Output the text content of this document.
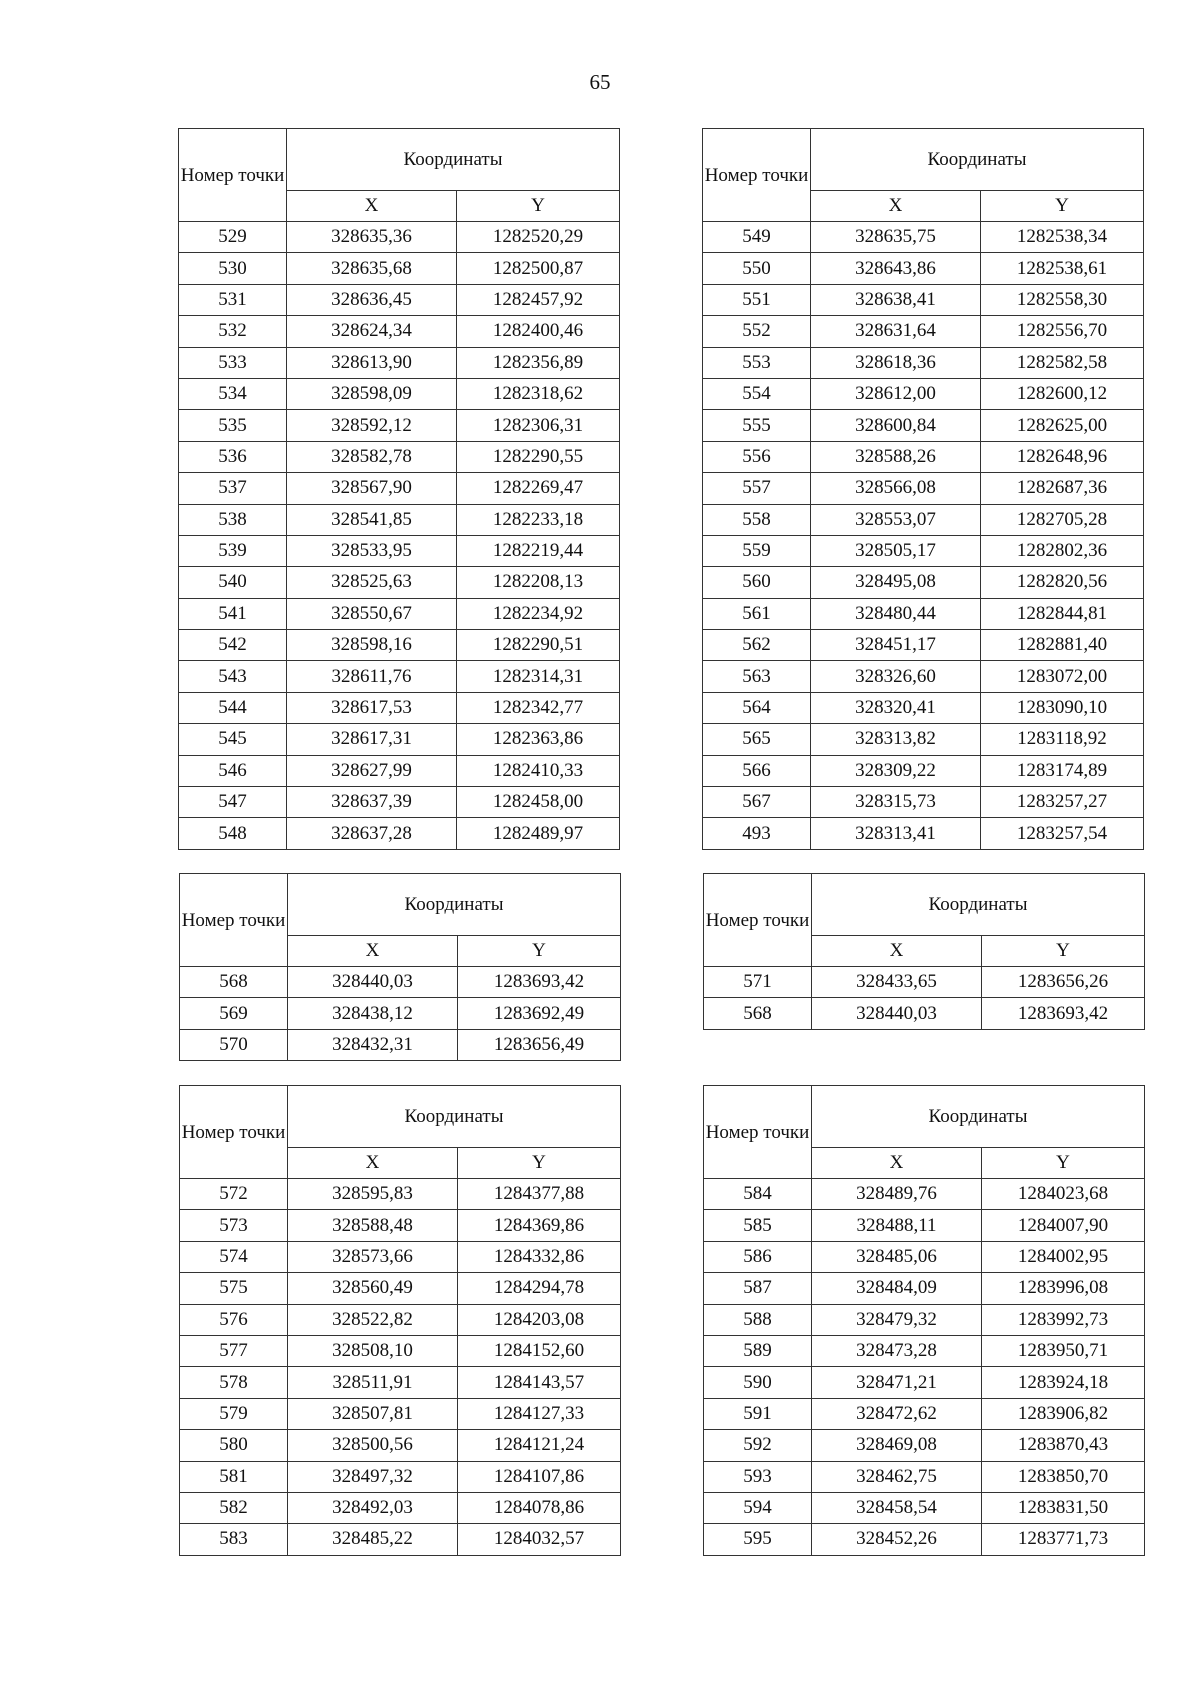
65
Номер точки	Координаты	
	X	Y
529	328635,36	1282520,29
530	328635,68	1282500,87
531	328636,45	1282457,92
532	328624,34	1282400,46
533	328613,90	1282356,89
534	328598,09	1282318,62
535	328592,12	1282306,31
536	328582,78	1282290,55
537	328567,90	1282269,47
538	328541,85	1282233,18
539	328533,95	1282219,44
540	328525,63	1282208,13
541	328550,67	1282234,92
542	328598,16	1282290,51
543	328611,76	1282314,31
544	328617,53	1282342,77
545	328617,31	1282363,86
546	328627,99	1282410,33
547	328637,39	1282458,00
548	328637,28	1282489,97
Номер точки	Координаты	
	X	Y
549	328635,75	1282538,34
550	328643,86	1282538,61
551	328638,41	1282558,30
552	328631,64	1282556,70
553	328618,36	1282582,58
554	328612,00	1282600,12
555	328600,84	1282625,00
556	328588,26	1282648,96
557	328566,08	1282687,36
558	328553,07	1282705,28
559	328505,17	1282802,36
560	328495,08	1282820,56
561	328480,44	1282844,81
562	328451,17	1282881,40
563	328326,60	1283072,00
564	328320,41	1283090,10
565	328313,82	1283118,92
566	328309,22	1283174,89
567	328315,73	1283257,27
493	328313,41	1283257,54
Номер точки	Координаты	
	X	Y
568	328440,03	1283693,42
569	328438,12	1283692,49
570	328432,31	1283656,49
Номер точки	Координаты	
	X	Y
571	328433,65	1283656,26
568	328440,03	1283693,42
Номер точки	Координаты	
	X	Y
572	328595,83	1284377,88
573	328588,48	1284369,86
574	328573,66	1284332,86
575	328560,49	1284294,78
576	328522,82	1284203,08
577	328508,10	1284152,60
578	328511,91	1284143,57
579	328507,81	1284127,33
580	328500,56	1284121,24
581	328497,32	1284107,86
582	328492,03	1284078,86
583	328485,22	1284032,57
Номер точки	Координаты	
	X	Y
584	328489,76	1284023,68
585	328488,11	1284007,90
586	328485,06	1284002,95
587	328484,09	1283996,08
588	328479,32	1283992,73
589	328473,28	1283950,71
590	328471,21	1283924,18
591	328472,62	1283906,82
592	328469,08	1283870,43
593	328462,75	1283850,70
594	328458,54	1283831,50
595	328452,26	1283771,73
